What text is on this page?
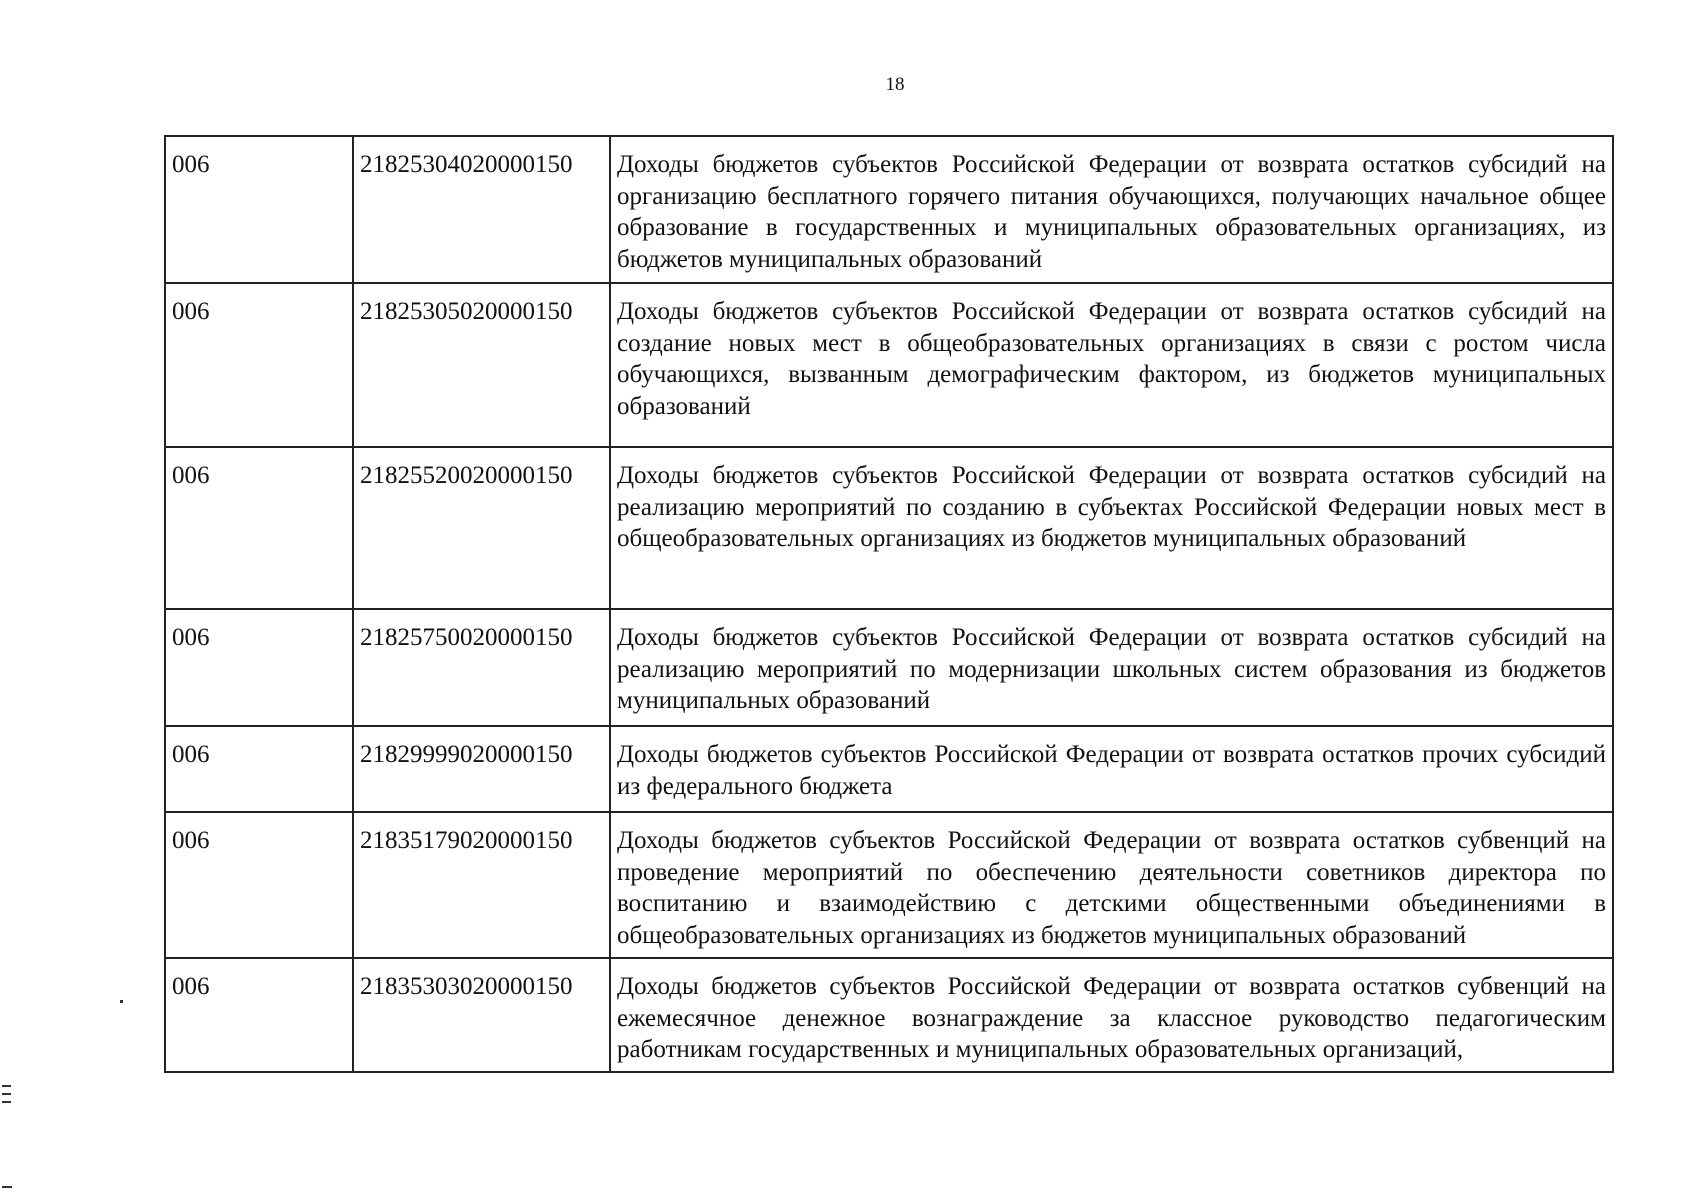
18
006	21825304020000150	Доходы бюджетов субъектов Российской Федерации от возврата остатков субсидий на организацию бесплатного горячего питания обучающихся, получающих начальное общее образование в государственных и муниципальных образовательных организациях, из бюджетов муниципальных образований
006	21825305020000150	Доходы бюджетов субъектов Российской Федерации от возврата остатков субсидий на создание новых мест в общеобразовательных организациях в связи с ростом числа обучающихся, вызванным демографическим фактором, из бюджетов муниципальных образований
006	21825520020000150	Доходы бюджетов субъектов Российской Федерации от возврата остатков субсидий на реализацию мероприятий по созданию в субъектах Российской Федерации новых мест в общеобразовательных организациях из бюджетов муниципальных образований
006	21825750020000150	Доходы бюджетов субъектов Российской Федерации от возврата остатков субсидий на реализацию мероприятий по модернизации школьных систем образования из бюджетов муниципальных образований
006	21829999020000150	Доходы бюджетов субъектов Российской Федерации от возврата остатков прочих субсидий из федерального бюджета
006	21835179020000150	Доходы бюджетов субъектов Российской Федерации от возврата остатков субвенций на проведение мероприятий по обеспечению деятельности советников директора по воспитанию и взаимодействию с детскими общественными объединениями в общеобразовательных организациях из бюджетов муниципальных образований
006	21835303020000150	Доходы бюджетов субъектов Российской Федерации от возврата остатков субвенций на ежемесячное денежное вознаграждение за классное руководство педагогическим работникам государственных и муниципальных образовательных организаций,
